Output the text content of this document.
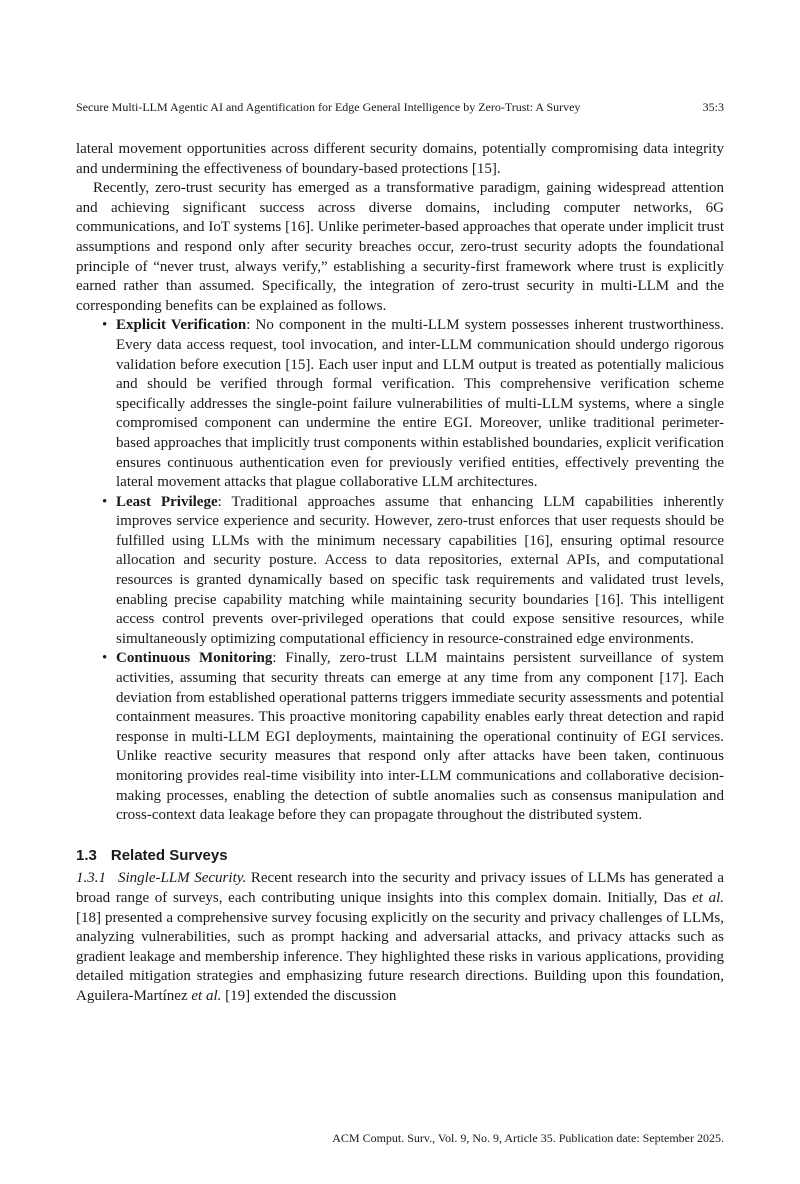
Secure Multi-LLM Agentic AI and Agentification for Edge General Intelligence by Zero-Trust: A Survey	35:3

lateral movement opportunities across different security domains, potentially compromising data integrity and undermining the effectiveness of boundary-based protections [15].

Recently, zero-trust security has emerged as a transformative paradigm, gaining widespread attention and achieving significant success across diverse domains, including computer networks, 6G communications, and IoT systems [16]. Unlike perimeter-based approaches that operate under implicit trust assumptions and respond only after security breaches occur, zero-trust security adopts the foundational principle of “never trust, always verify,” establishing a security-first framework where trust is explicitly earned rather than assumed. Specifically, the integration of zero-trust security in multi-LLM and the corresponding benefits can be explained as follows.

• Explicit Verification: No component in the multi-LLM system possesses inherent trustworthiness. Every data access request, tool invocation, and inter-LLM communication should undergo rigorous validation before execution [15]. Each user input and LLM output is treated as potentially malicious and should be verified through formal verification. This comprehensive verification scheme specifically addresses the single-point failure vulnerabilities of multi-LLM systems, where a single compromised component can undermine the entire EGI. Moreover, unlike traditional perimeter-based approaches that implicitly trust components within established boundaries, explicit verification ensures continuous authentication even for previously verified entities, effectively preventing the lateral movement attacks that plague collaborative LLM architectures.
• Least Privilege: Traditional approaches assume that enhancing LLM capabilities inherently improves service experience and security. However, zero-trust enforces that user requests should be fulfilled using LLMs with the minimum necessary capabilities [16], ensuring optimal resource allocation and security posture. Access to data repositories, external APIs, and computational resources is granted dynamically based on specific task requirements and validated trust levels, enabling precise capability matching while maintaining security boundaries [16]. This intelligent access control prevents over-privileged operations that could expose sensitive resources, while simultaneously optimizing computational efficiency in resource-constrained edge environments.
• Continuous Monitoring: Finally, zero-trust LLM maintains persistent surveillance of system activities, assuming that security threats can emerge at any time from any component [17]. Each deviation from established operational patterns triggers immediate security assessments and potential containment measures. This proactive monitoring capability enables early threat detection and rapid response in multi-LLM EGI deployments, maintaining the operational continuity of EGI services. Unlike reactive security measures that respond only after attacks have been taken, continuous monitoring provides real-time visibility into inter-LLM communications and collaborative decision-making processes, enabling the detection of subtle anomalies such as consensus manipulation and cross-context data leakage before they can propagate throughout the distributed system.
1.3 Related Surveys

1.3.1 Single-LLM Security. Recent research into the security and privacy issues of LLMs has generated a broad range of surveys, each contributing unique insights into this complex domain. Initially, Das et al. [18] presented a comprehensive survey focusing explicitly on the security and privacy challenges of LLMs, analyzing vulnerabilities, such as prompt hacking and adversarial attacks, and privacy attacks such as gradient leakage and membership inference. They highlighted these risks in various applications, providing detailed mitigation strategies and emphasizing future research directions. Building upon this foundation, Aguilera-Martínez et al. [19] extended the discussion

ACM Comput. Surv., Vol. 9, No. 9, Article 35. Publication date: September 2025.
